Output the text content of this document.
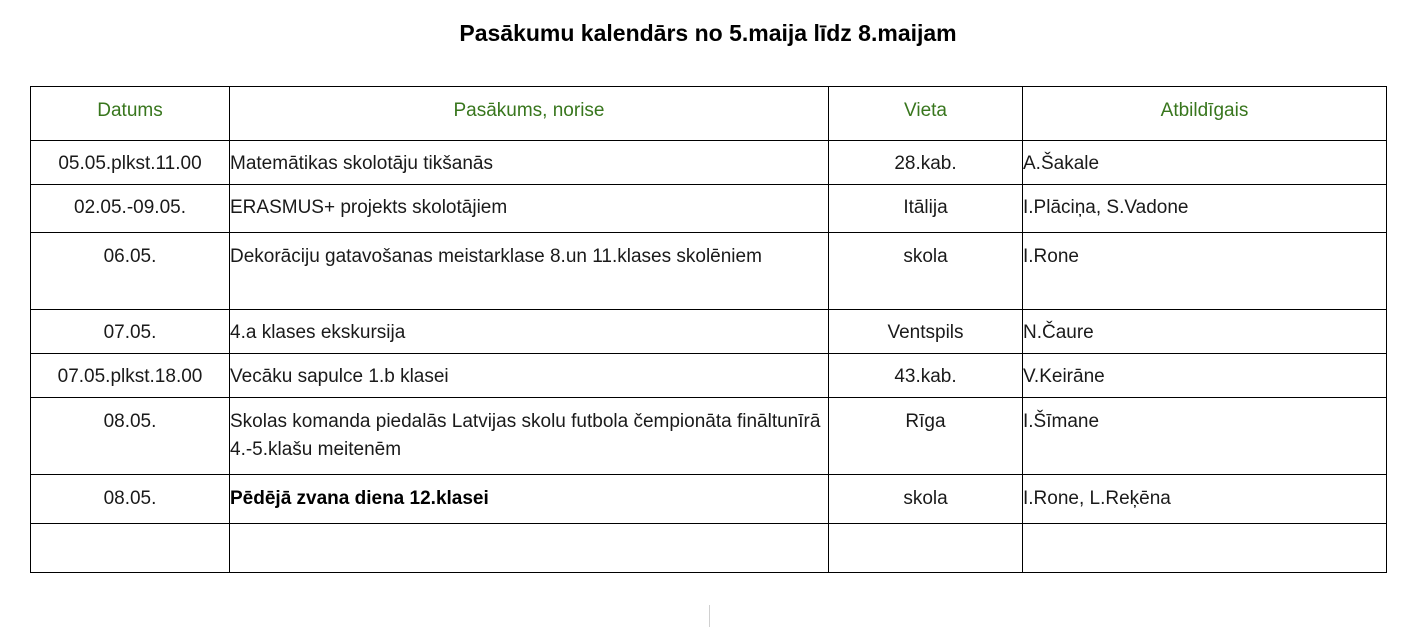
Pasākumu kalendārs no 5.maija līdz 8.maijam
Datums	Pasākums, norise	Vieta	Atbildīgais
05.05.plkst.11.00	Matemātikas skolotāju tikšanās	28.kab.	A.Šakale
02.05.-09.05.	ERASMUS+ projekts skolotājiem	Itālija	I.Plāciņa, S.Vadone
06.05.	Dekorāciju gatavošanas meistarklase 8.un 11.klases skolēniem	skola	I.Rone
07.05.	4.a klases ekskursija	Ventspils	N.Čaure
07.05.plkst.18.00	Vecāku sapulce 1.b klasei	43.kab.	V.Keirāne
08.05.	Skolas komanda piedalās Latvijas skolu futbola čempionāta fināltunīrā 4.-5.klašu meitenēm	Rīga	I.Šīmane
08.05.	Pēdējā zvana diena 12.klasei	skola	I.Rone, L.Reķēna
